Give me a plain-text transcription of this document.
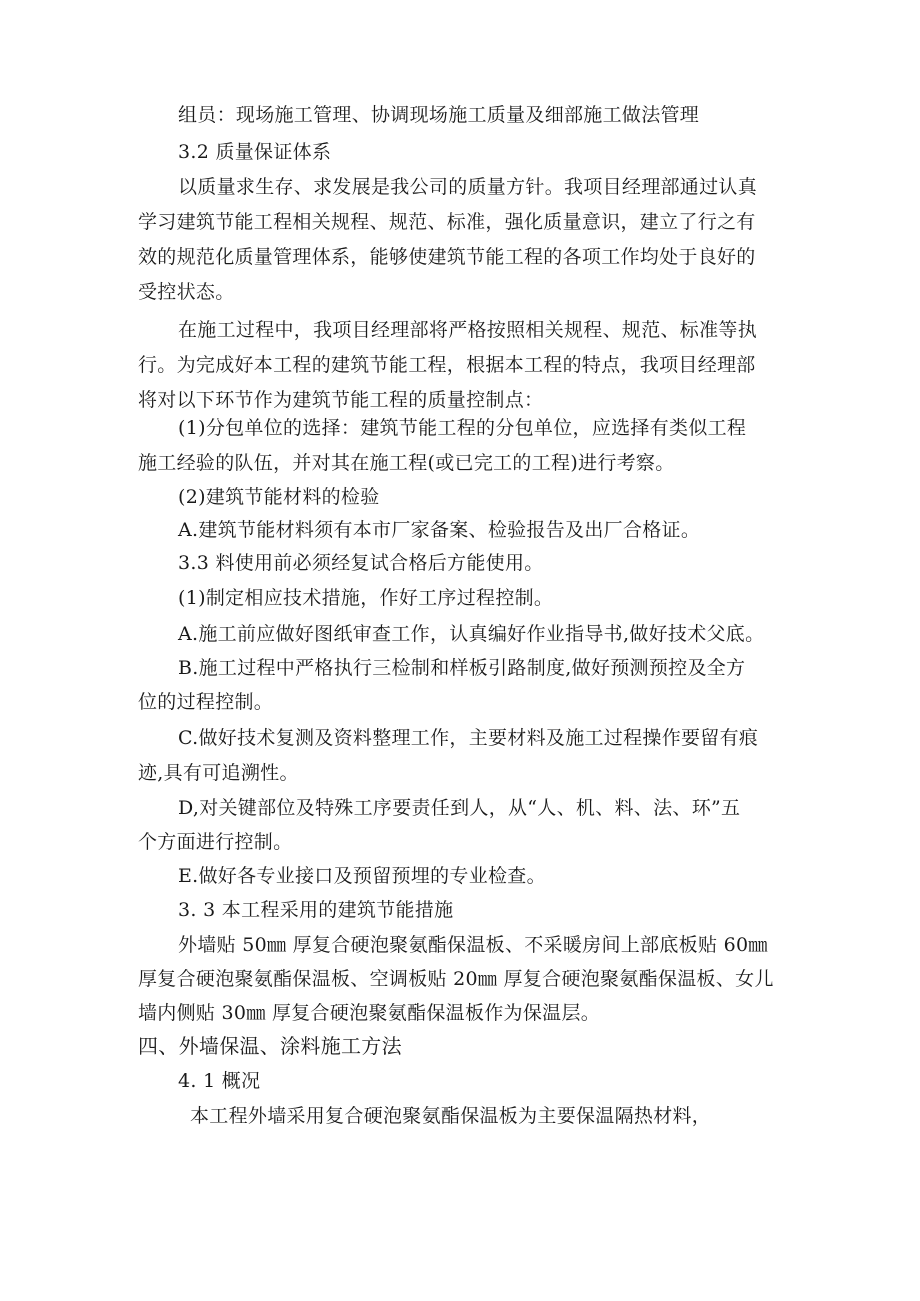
组员：现场施工管理、协调现场施工质量及细部施工做法管理
3.2 质量保证体系
以质量求生存、求发展是我公司的质量方针。我项目经理部通过认真
学习建筑节能工程相关规程、规范、标准，强化质量意识，建立了行之有
效的规范化质量管理体系，能够使建筑节能工程的各项工作均处于良好的
受控状态。
在施工过程中，我项目经理部将严格按照相关规程、规范、标准等执
行。为完成好本工程的建筑节能工程，根据本工程的特点，我项目经理部
将对以下环节作为建筑节能工程的质量控制点：
(1)分包单位的选择：建筑节能工程的分包单位，应选择有类似工程
施工经验的队伍，并对其在施工程(或已完工的工程)进行考察。
(2)建筑节能材料的检验
A.建筑节能材料须有本市厂家备案、检验报告及出厂合格证。
3.3 料使用前必须经复试合格后方能使用。
(1)制定相应技术措施，作好工序过程控制。
A.施工前应做好图纸审查工作，认真编好作业指导书,做好技术父底。
B.施工过程中严格执行三检制和样板引路制度,做好预测预控及全方
位的过程控制。
C.做好技术复测及资料整理工作，主要材料及施工过程操作要留有痕
迹,具有可追溯性。
D,对关键部位及特殊工序要责任到人，从“人、机、料、法、环”五
个方面进行控制。
E.做好各专业接口及预留预埋的专业检查。
3. 3 本工程采用的建筑节能措施
外墙贴 50㎜ 厚复合硬泡聚氨酯保温板、不采暖房间上部底板贴 60㎜
厚复合硬泡聚氨酯保温板、空调板贴 20㎜ 厚复合硬泡聚氨酯保温板、女儿
墙内侧贴 30㎜ 厚复合硬泡聚氨酯保温板作为保温层。
四、外墙保温、涂料施工方法
4. 1 概况
本工程外墙采用复合硬泡聚氨酯保温板为主要保温隔热材料，
